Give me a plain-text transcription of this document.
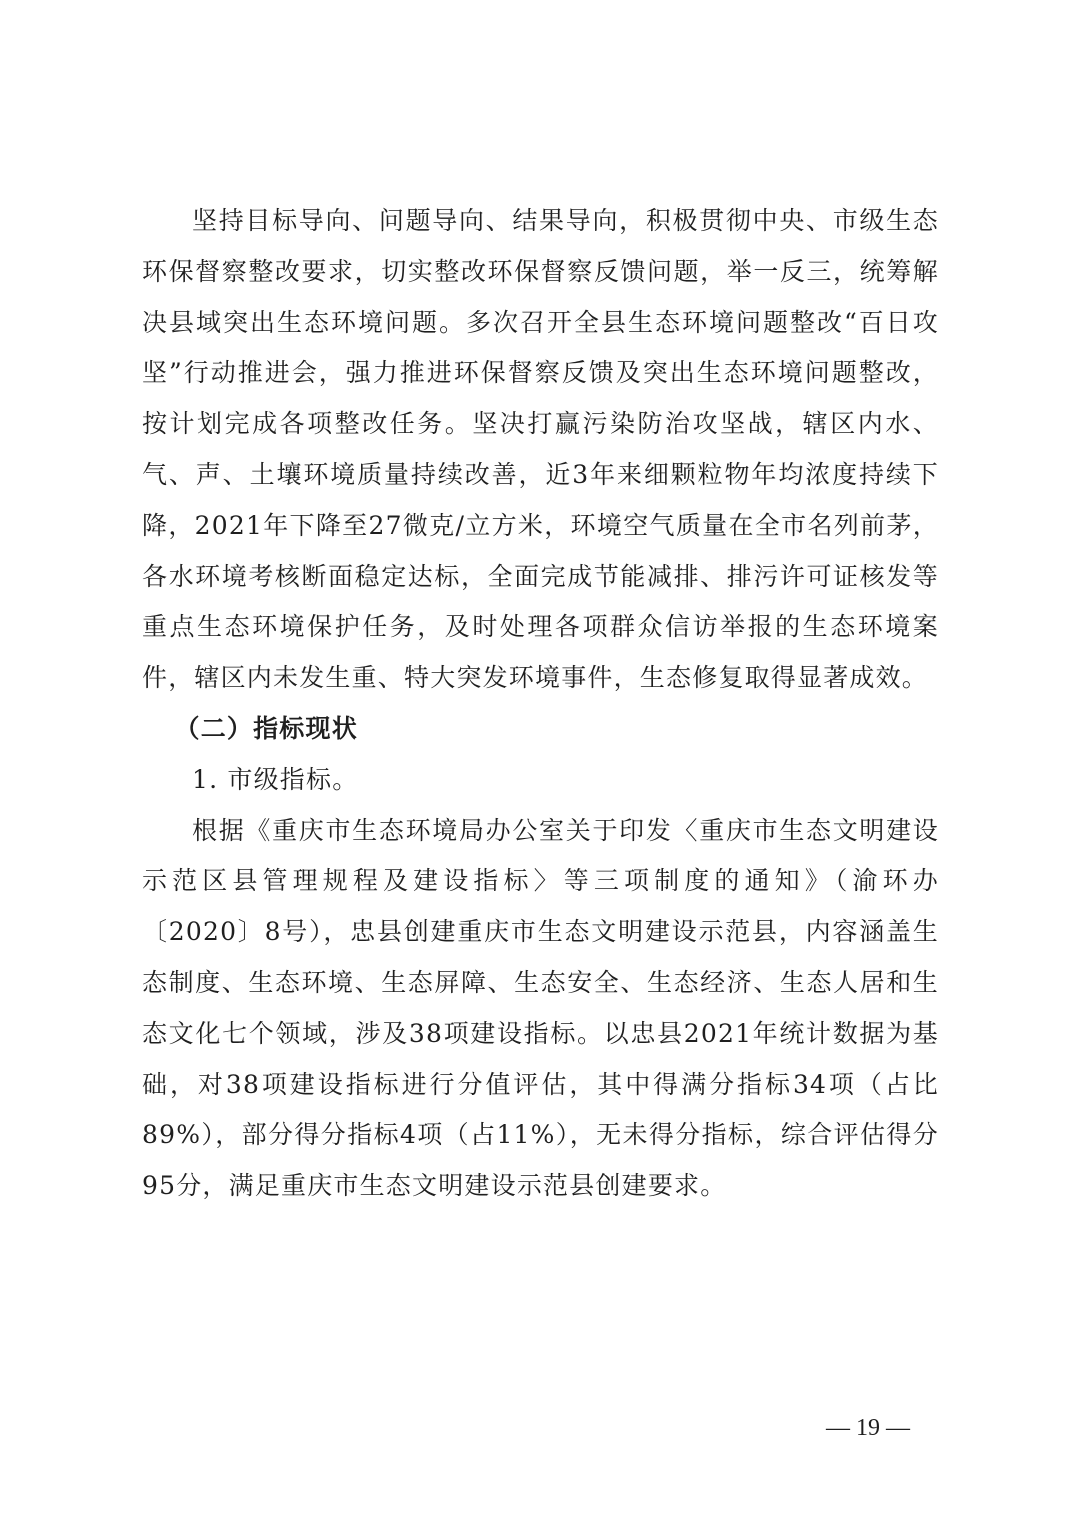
坚持目标导向、问题导向、结果导向，积极贯彻中央、市级生态环保督察整改要求，切实整改环保督察反馈问题，举一反三，统筹解决县域突出生态环境问题。多次召开全县生态环境问题整改“百日攻坚”行动推进会，强力推进环保督察反馈及突出生态环境问题整改，按计划完成各项整改任务。坚决打赢污染防治攻坚战，辖区内水、气、声、土壤环境质量持续改善，近3年来细颗粒物年均浓度持续下降，2021年下降至27微克/立方米，环境空气质量在全市名列前茅，各水环境考核断面稳定达标，全面完成节能减排、排污许可证核发等重点生态环境保护任务，及时处理各项群众信访举报的生态环境案件，辖区内未发生重、特大突发环境事件，生态修复取得显著成效。

（二）指标现状

1. 市级指标。

根据《重庆市生态环境局办公室关于印发〈重庆市生态文明建设示范区县管理规程及建设指标〉等三项制度的通知》（渝环办〔2020〕8号），忠县创建重庆市生态文明建设示范县，内容涵盖生态制度、生态环境、生态屏障、生态安全、生态经济、生态人居和生态文化七个领域，涉及38项建设指标。以忠县2021年统计数据为基础，对38项建设指标进行分值评估，其中得满分指标34项（占比89%），部分得分指标4项（占11%），无未得分指标，综合评估得分95分，满足重庆市生态文明建设示范县创建要求。

— 19 —
